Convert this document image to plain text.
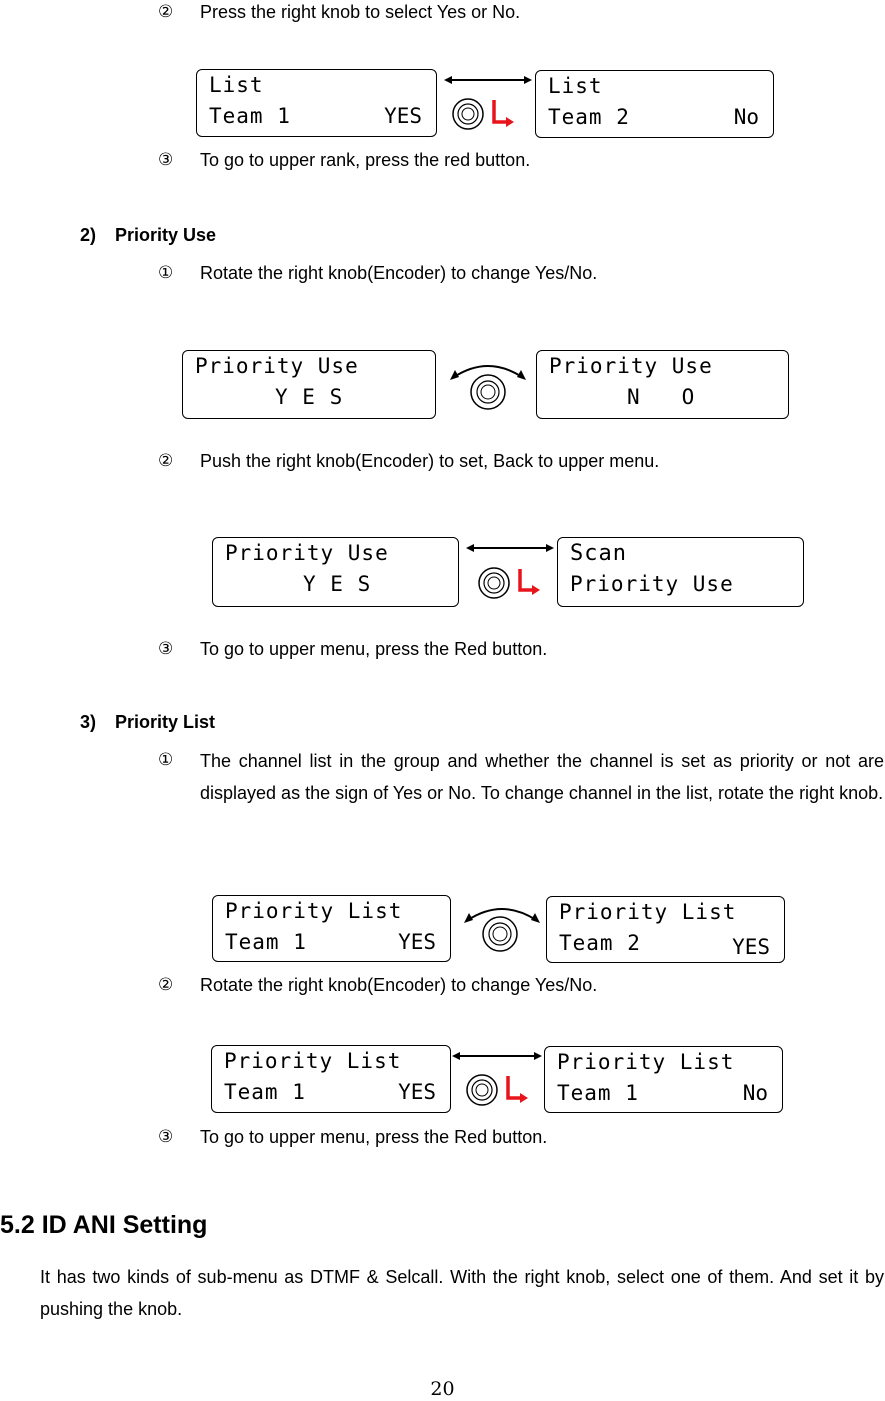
② Press the right knob to select Yes or No.
List
Team 1	YES
List
Team 2	No
③ To go to upper rank, press the red button.
2) Priority Use
① Rotate the right knob(Encoder) to change Yes/No.
Priority Use
Y E S
Priority Use
N   O
② Push the right knob(Encoder) to set, Back to upper menu.
Priority Use
Y E S
Scan
Priority Use
③ To go to upper menu, press the Red button.
3) Priority List
① The channel list in the group and whether the channel is set as priority or not are displayed as the sign of Yes or No. To change channel in the list, rotate the right knob.
Priority List
Team 1	YES
Priority List
Team 2	YES
② Rotate the right knob(Encoder) to change Yes/No.
Priority List
Team 1	YES
Priority List
Team 1	No
③ To go to upper menu, press the Red button.
5.2 ID ANI Setting
It has two kinds of sub-menu as DTMF & Selcall. With the right knob, select one of them. And set it by pushing the knob.
20
